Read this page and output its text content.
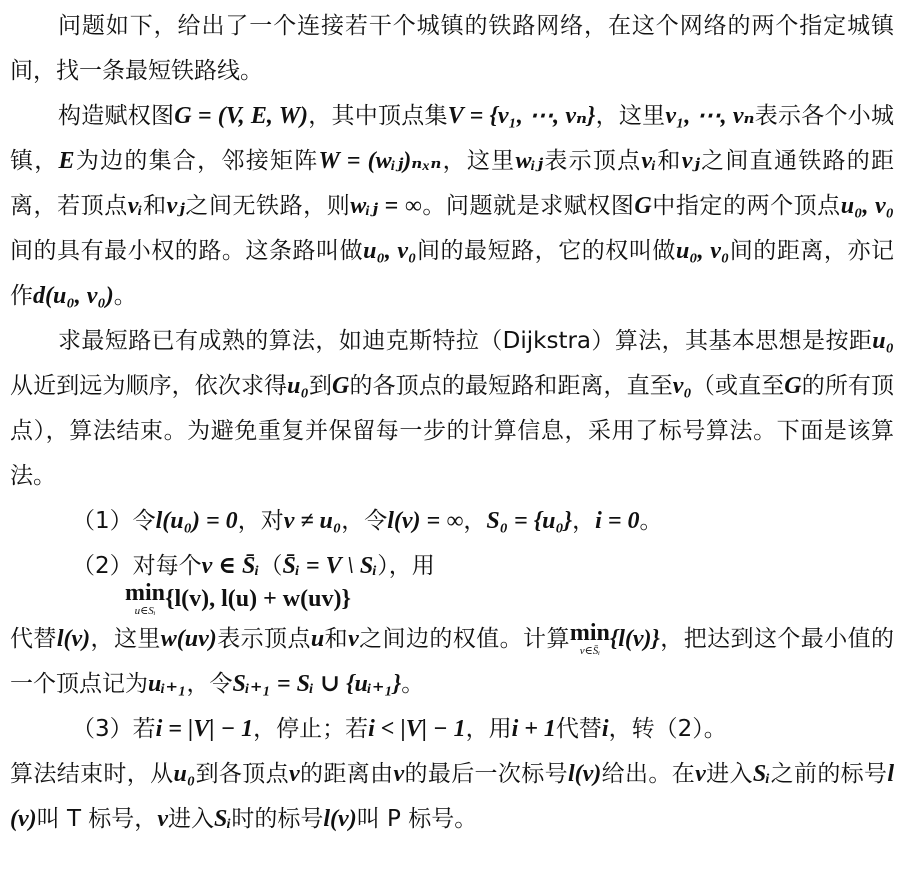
问题如下，给出了一个连接若干个城镇的铁路网络，在这个网络的两个指定城镇间，找一条最短铁路线。

构造赋权图G = (V, E, W)，其中顶点集V = {v₁, ⋯, vₙ}，这里v₁, ⋯, vₙ表示各个小城镇，E为边的集合，邻接矩阵W = (wᵢⱼ)ₙₓₙ，这里wᵢⱼ表示顶点vᵢ和vⱼ之间直通铁路的距离，若顶点vᵢ和vⱼ之间无铁路，则wᵢⱼ = ∞。问题就是求赋权图G中指定的两个顶点u₀, v₀间的具有最小权的路。这条路叫做u₀, v₀间的最短路，它的权叫做u₀, v₀间的距离，亦记作d(u₀, v₀)。

求最短路已有成熟的算法，如迪克斯特拉（Dijkstra）算法，其基本思想是按距u₀从近到远为顺序，依次求得u₀到G的各顶点的最短路和距离，直至v₀（或直至G的所有顶点），算法结束。为避免重复并保留每一步的计算信息，采用了标号算法。下面是该算法。

（1）令l(u₀) = 0，对v ≠ u₀，令l(v) = ∞，S₀ = {u₀}，i = 0。

（2）对每个v ∈ S̄ᵢ（S̄ᵢ = V \ Sᵢ），用

min
u∈Sᵢ {l(v), l(u) + w(uv)}

代替l(v)，这里w(uv)表示顶点u和v之间边的权值。计算 min
v∈S̄ᵢ {l(v)}，把达到这个最小值的一个顶点记为uᵢ₊₁，令Sᵢ₊₁ = Sᵢ ∪ {uᵢ₊₁}。

（3）若i = |V| − 1，停止；若i < |V| − 1，用i + 1代替i，转（2）。

算法结束时，从u₀到各顶点v的距离由v的最后一次标号l(v)给出。在v进入Sᵢ之前的标号l(v)叫 T 标号，v进入Sᵢ时的标号l(v)叫 P 标号。
